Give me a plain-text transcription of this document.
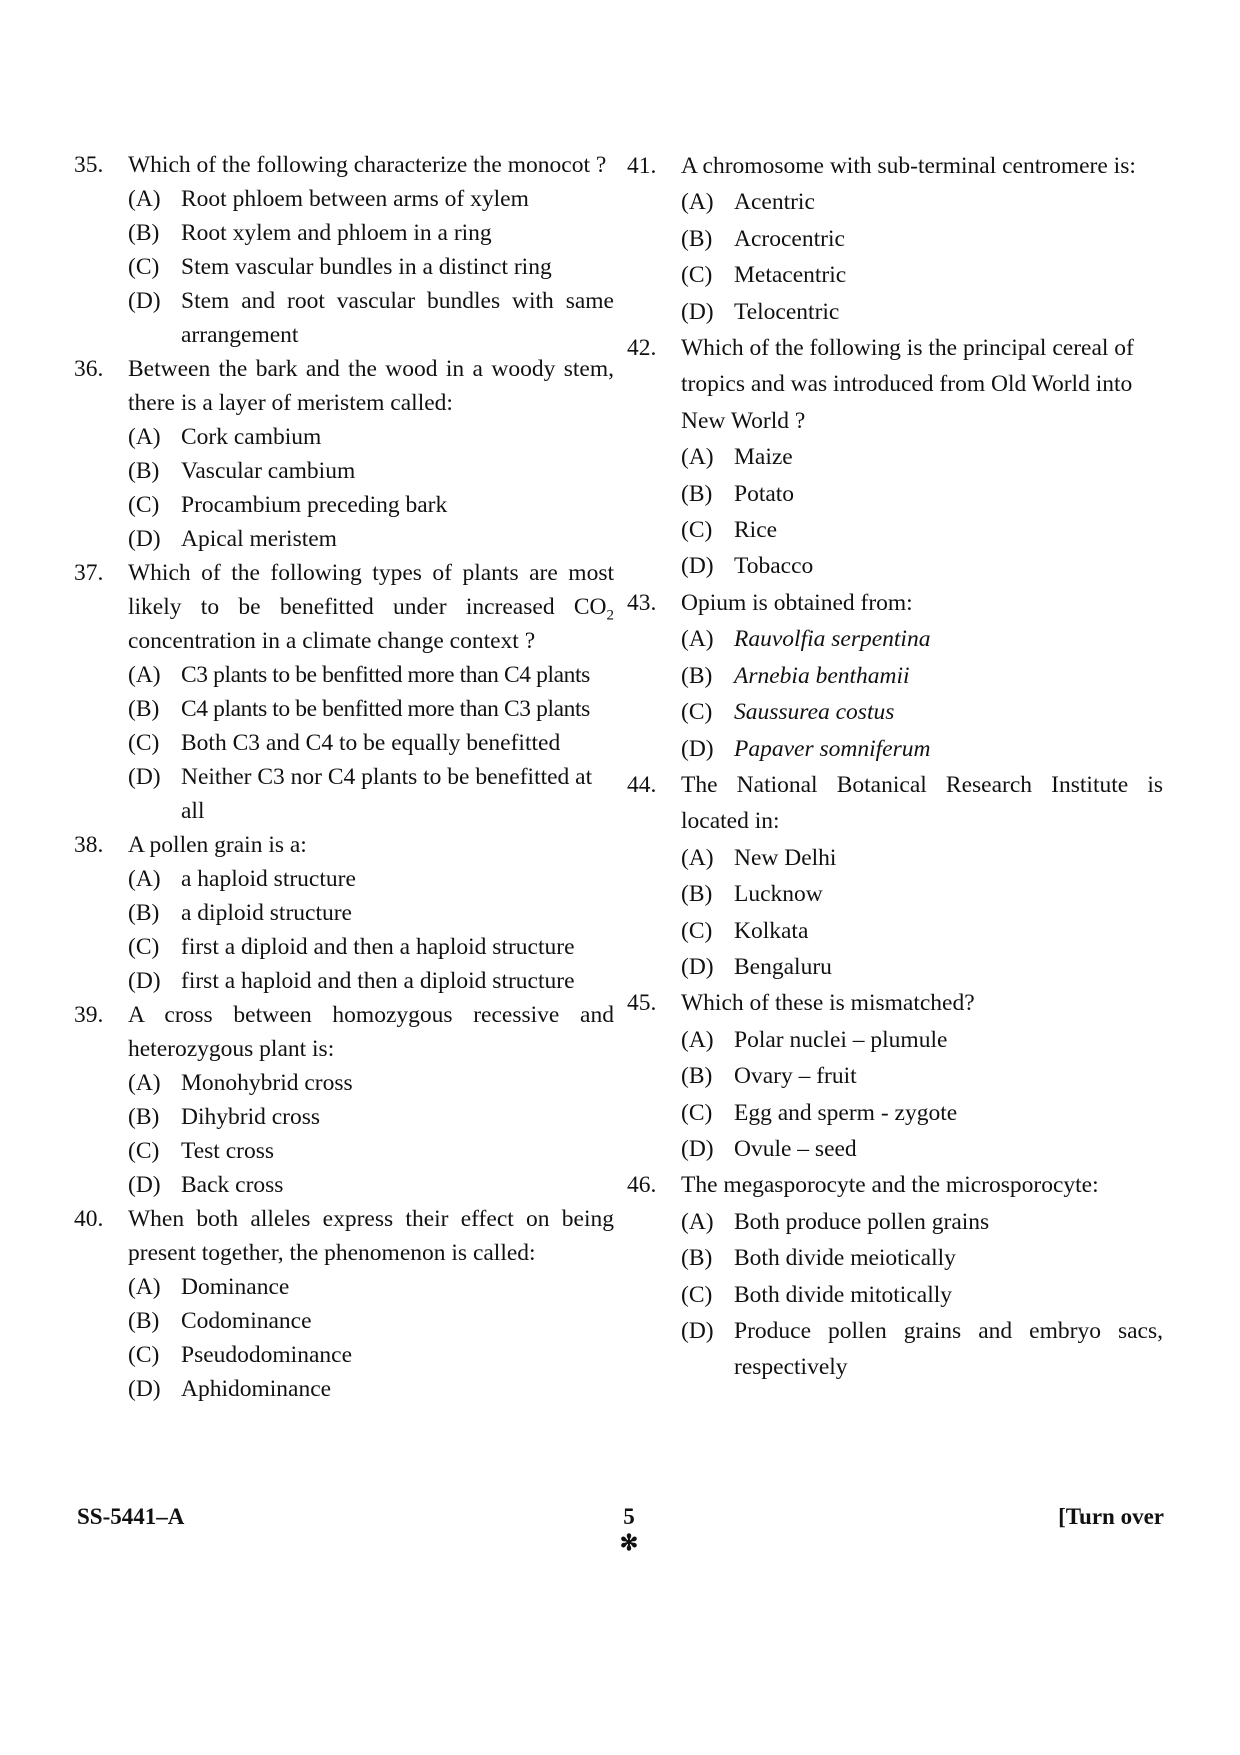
35.	Which of the following characterize the monocot ?
(A) Root phloem between arms of xylem
(B) Root xylem and phloem in a ring
(C) Stem vascular bundles in a distinct ring
(D) Stem and root vascular bundles with same arrangement
36.	Between the bark and the wood in a woody stem, there is a layer of meristem called:
(A) Cork cambium
(B) Vascular cambium
(C) Procambium preceding bark
(D) Apical meristem
37.	Which of the following types of plants are most likely to be benefitted under increased $CO_2$ concentration in a climate change context ?
(A) C3 plants to be benfitted more than C4 plants
(B) C4 plants to be benfitted more than C3 plants
(C) Both C3 and C4 to be equally benefitted
(D) Neither C3 nor C4 plants to be benefitted at all
38.	A pollen grain is a:
(A) a haploid structure
(B) a diploid structure
(C) first a diploid and then a haploid structure
(D) first a haploid and then a diploid structure
39.	A cross between homozygous recessive and heterozygous plant is:
(A) Monohybrid cross
(B) Dihybrid cross
(C) Test cross
(D) Back cross
40.	When both alleles express their effect on being present together, the phenomenon is called:
(A) Dominance
(B) Codominance
(C) Pseudodominance
(D) Aphidominance
41.	A chromosome with sub-terminal centromere is:
(A) Acentric
(B) Acrocentric
(C) Metacentric
(D) Telocentric
42.	Which of the following is the principal cereal of tropics and was introduced from Old World into New World ?
(A) Maize
(B) Potato
(C) Rice
(D) Tobacco
43.	Opium is obtained from:
(A) Rauvolfia serpentina
(B) Arnebia benthamii
(C) Saussurea costus
(D) Papaver somniferum
44.	The National Botanical Research Institute is located in:
(A) New Delhi
(B) Lucknow
(C) Kolkata
(D) Bengaluru
45.	Which of these is mismatched?
(A) Polar nuclei – plumule
(B) Ovary – fruit
(C) Egg and sperm - zygote
(D) Ovule – seed
46.	The megasporocyte and the microsporocyte:
(A) Both produce pollen grains
(B) Both divide meiotically
(C) Both divide mitotically
(D) Produce pollen grains and embryo sacs, respectively
SS-5441–A	5
✻
[Turn over
